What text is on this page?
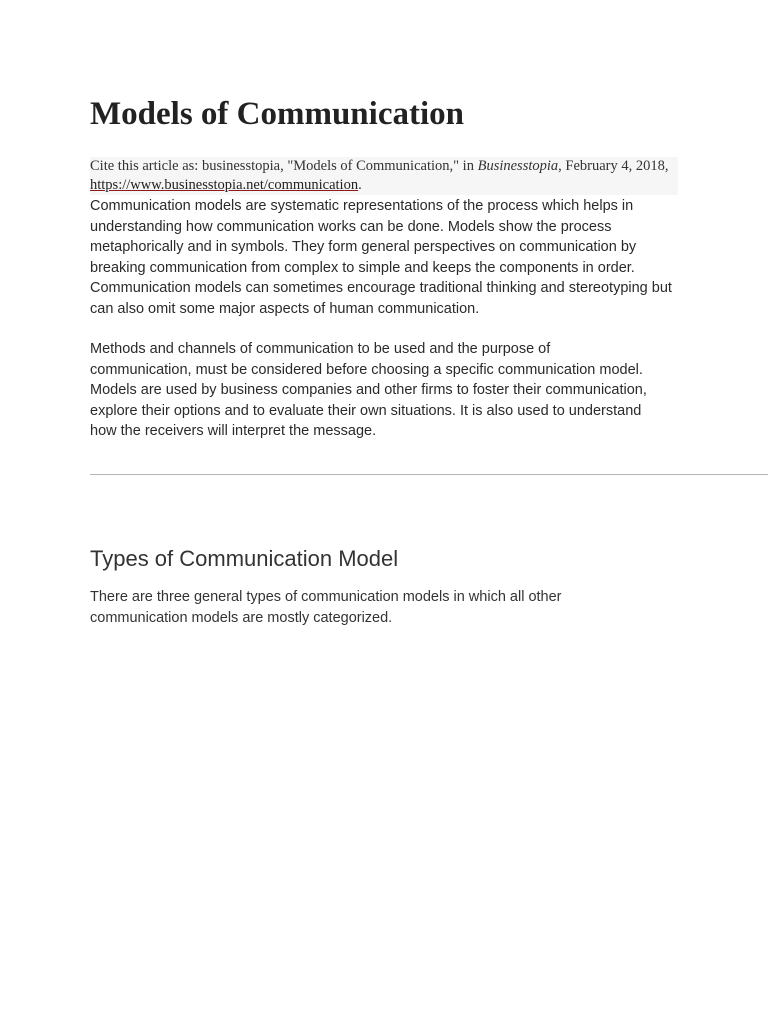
Models of Communication
Cite this article as: businesstopia, "Models of Communication," in Businesstopia, February 4, 2018, https://www.businesstopia.net/communication.

Communication models are systematic representations of the process which helps in understanding how communication works can be done. Models show the process metaphorically and in symbols. They form general perspectives on communication by breaking communication from complex to simple and keeps the components in order. Communication models can sometimes encourage traditional thinking and stereotyping but can also omit some major aspects of human communication.

Methods and channels of communication to be used and the purpose of communication, must be considered before choosing a specific communication model. Models are used by business companies and other firms to foster their communication, explore their options and to evaluate their own situations. It is also used to understand how the receivers will interpret the message.

Types of Communication Model

There are three general types of communication models in which all other communication models are mostly categorized.
